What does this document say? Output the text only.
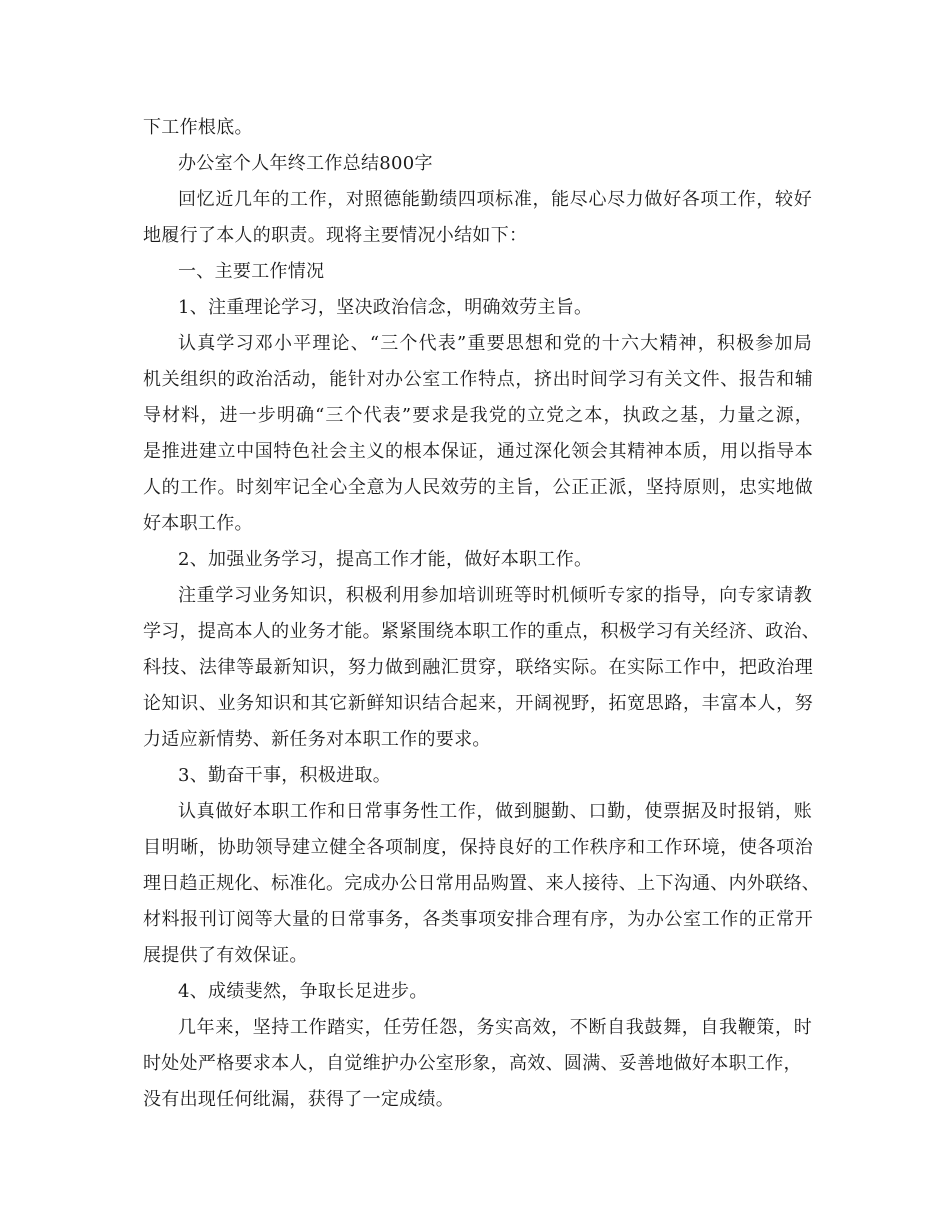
下工作根底。
办公室个人年终工作总结800字
回忆近几年的工作，对照德能勤绩四项标准，能尽心尽力做好各项工作，较好
地履行了本人的职责。现将主要情况小结如下：
一、主要工作情况
1、注重理论学习，坚决政治信念，明确效劳主旨。
认真学习邓小平理论、“三个代表”重要思想和党的十六大精神，积极参加局
机关组织的政治活动，能针对办公室工作特点，挤出时间学习有关文件、报告和辅
导材料，进一步明确“三个代表”要求是我党的立党之本，执政之基，力量之源，
是推进建立中国特色社会主义的根本保证，通过深化领会其精神本质，用以指导本
人的工作。时刻牢记全心全意为人民效劳的主旨，公正正派，坚持原则，忠实地做
好本职工作。
2、加强业务学习，提高工作才能，做好本职工作。
注重学习业务知识，积极利用参加培训班等时机倾听专家的指导，向专家请教
学习，提高本人的业务才能。紧紧围绕本职工作的重点，积极学习有关经济、政治、
科技、法律等最新知识，努力做到融汇贯穿，联络实际。在实际工作中，把政治理
论知识、业务知识和其它新鲜知识结合起来，开阔视野，拓宽思路，丰富本人，努
力适应新情势、新任务对本职工作的要求。
3、勤奋干事，积极进取。
认真做好本职工作和日常事务性工作，做到腿勤、口勤，使票据及时报销，账
目明晰，协助领导建立健全各项制度，保持良好的工作秩序和工作环境，使各项治
理日趋正规化、标准化。完成办公日常用品购置、来人接待、上下沟通、内外联络、
材料报刊订阅等大量的日常事务，各类事项安排合理有序，为办公室工作的正常开
展提供了有效保证。
4、成绩斐然，争取长足进步。
几年来，坚持工作踏实，任劳任怨，务实高效，不断自我鼓舞，自我鞭策，时
时处处严格要求本人，自觉维护办公室形象，高效、圆满、妥善地做好本职工作，
没有出现任何纰漏，获得了一定成绩。
